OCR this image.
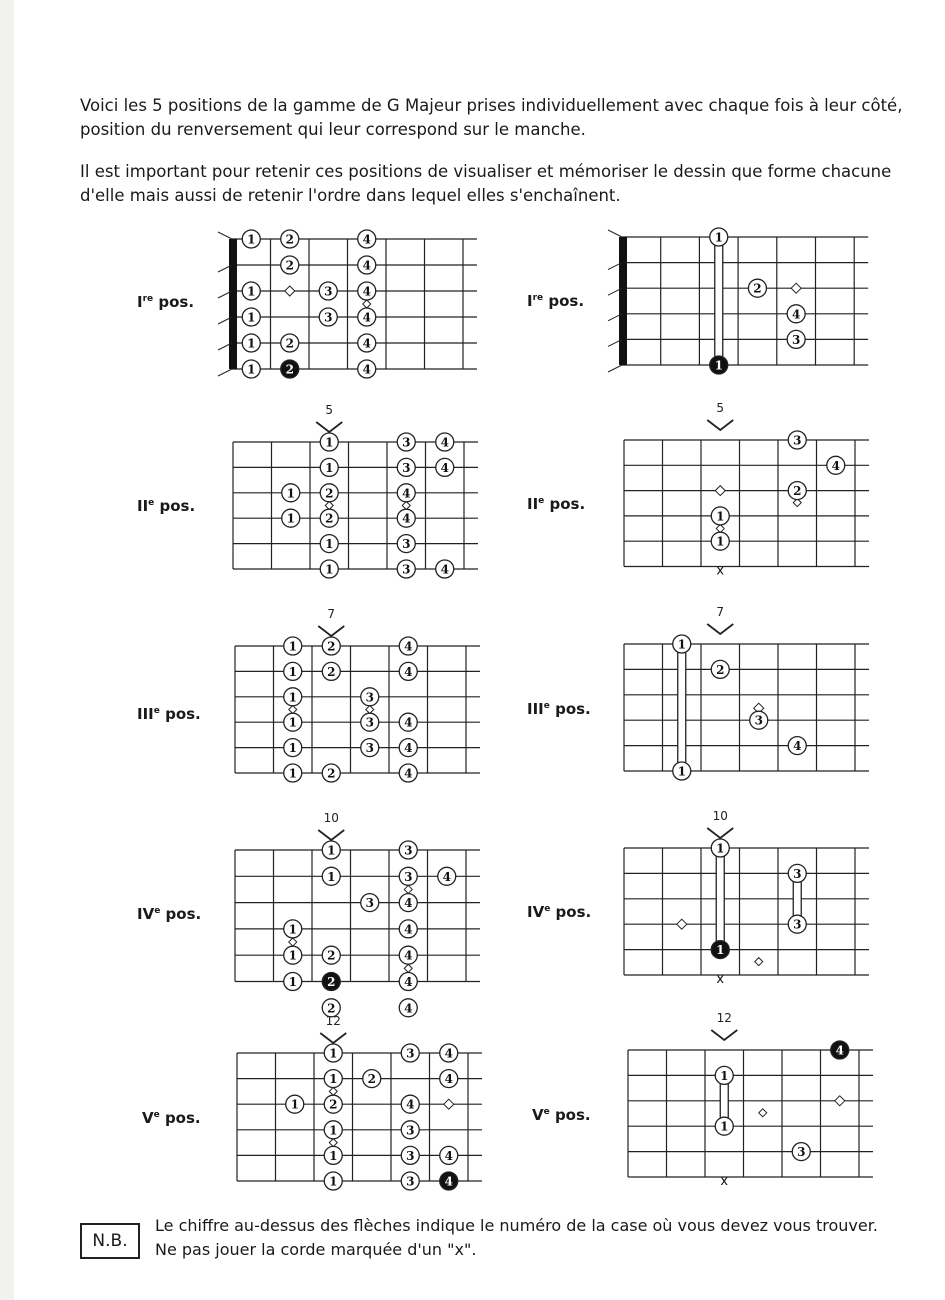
Voici les 5 positions de la gamme de G Majeur prises individuellement avec chaque fois à leur côté, position du renversement qui leur correspond sur le manche.

Il est important pour retenir ces positions de visualiser et mémoriser le dessin que forme chacune d'elle mais aussi de retenir l'ordre dans lequel elles s'enchaînent.

Ire pos.
IIe pos.
IIIe pos.
IVe pos.
Ve pos.
Ire pos.
IIe pos.
IIIe pos.
IVe pos.
Ve pos.
1	2	4
2	4
1	3	4
1	3	4
1	2	4
1	2	4
5
1	3	4
1	3	4
1	2	4
1	2	4
1	3
1	3	4
7
1	2	4
1	2	4
1	3
1	3	4
1	3	4
1	2	4
10
1	3
1	3	4
3	4
1	4
1	2	4
1	2	4
2	4
12
1	3	4
1	2	4
1	2	4
1	3
1	3	4
1	3	4
1
2
4
3
1
5
3
4
2
1
1
x
7
1
2
3
4
1
10
1
3
3
1
x
12
4
1
1
3
x
N.B.
Le chiffre au-dessus des flèches indique le numéro de la case où vous devez vous trouver.
Ne pas jouer la corde marquée d'un "x".
